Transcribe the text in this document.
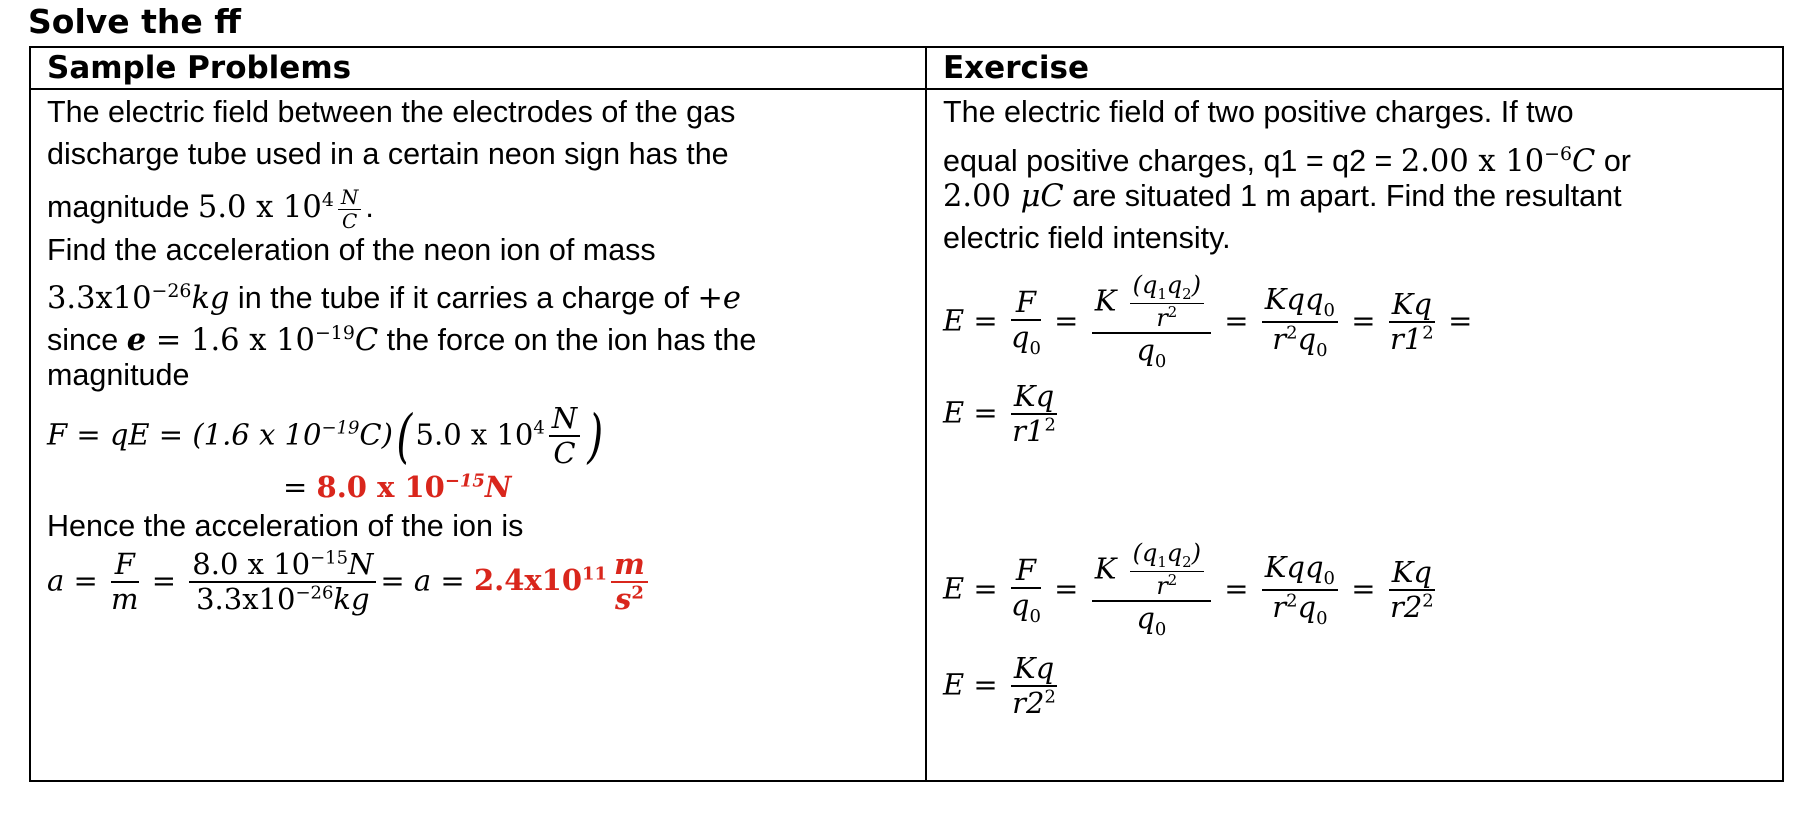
Solve the ff
Sample Problems	Exercise
The electric field between the electrodes of the gas
discharge tube used in a certain neon sign has the
magnitude 5.0 x $10^4 \frac{N}{C}$ .
Find the acceleration of the neon ion of mass
$3.3x10^{-26}kg$ in the tube if it carries a charge of +e
since e = 1.6 x $10^{-19}C$ the force on the ion has the
magnitude
F = qE = (1.6 x $10^{-19}C$)( 5.0 x $10^4 \frac{N}{C}$ )
= 8.0 x $10^{-15}N$
Hence the acceleration of the ion is
$a = \frac{F}{m} = \frac{8.0 x 10^{-15}N}{3.3x10^{-26}kg} = a = 2.4x10^{11} \frac{m}{s^2}$
The electric field of two positive charges. If two
equal positive charges, q1 = q2 = 2.00 x $10^{-6}C$ or
2.00 μC are situated 1 m apart. Find the resultant
electric field intensity.
$E = \frac{F}{q_0} = \frac{K \frac{(q_1q_2)}{r^2}}{q_0}$ =
Kqq$_0$
$r^2q_0$
= $\frac{Kq}{r1^2}$ =
$E = \frac{Kq}{r1^2}$
$E = \frac{F}{q_0} = \frac{K \frac{(q_1q_2)}{r^2}}{q_0}$ =
Kqq$_0$
$r^2q_0$
= $\frac{Kq}{r2^2}$
$E = \frac{Kq}{r2^2}$
